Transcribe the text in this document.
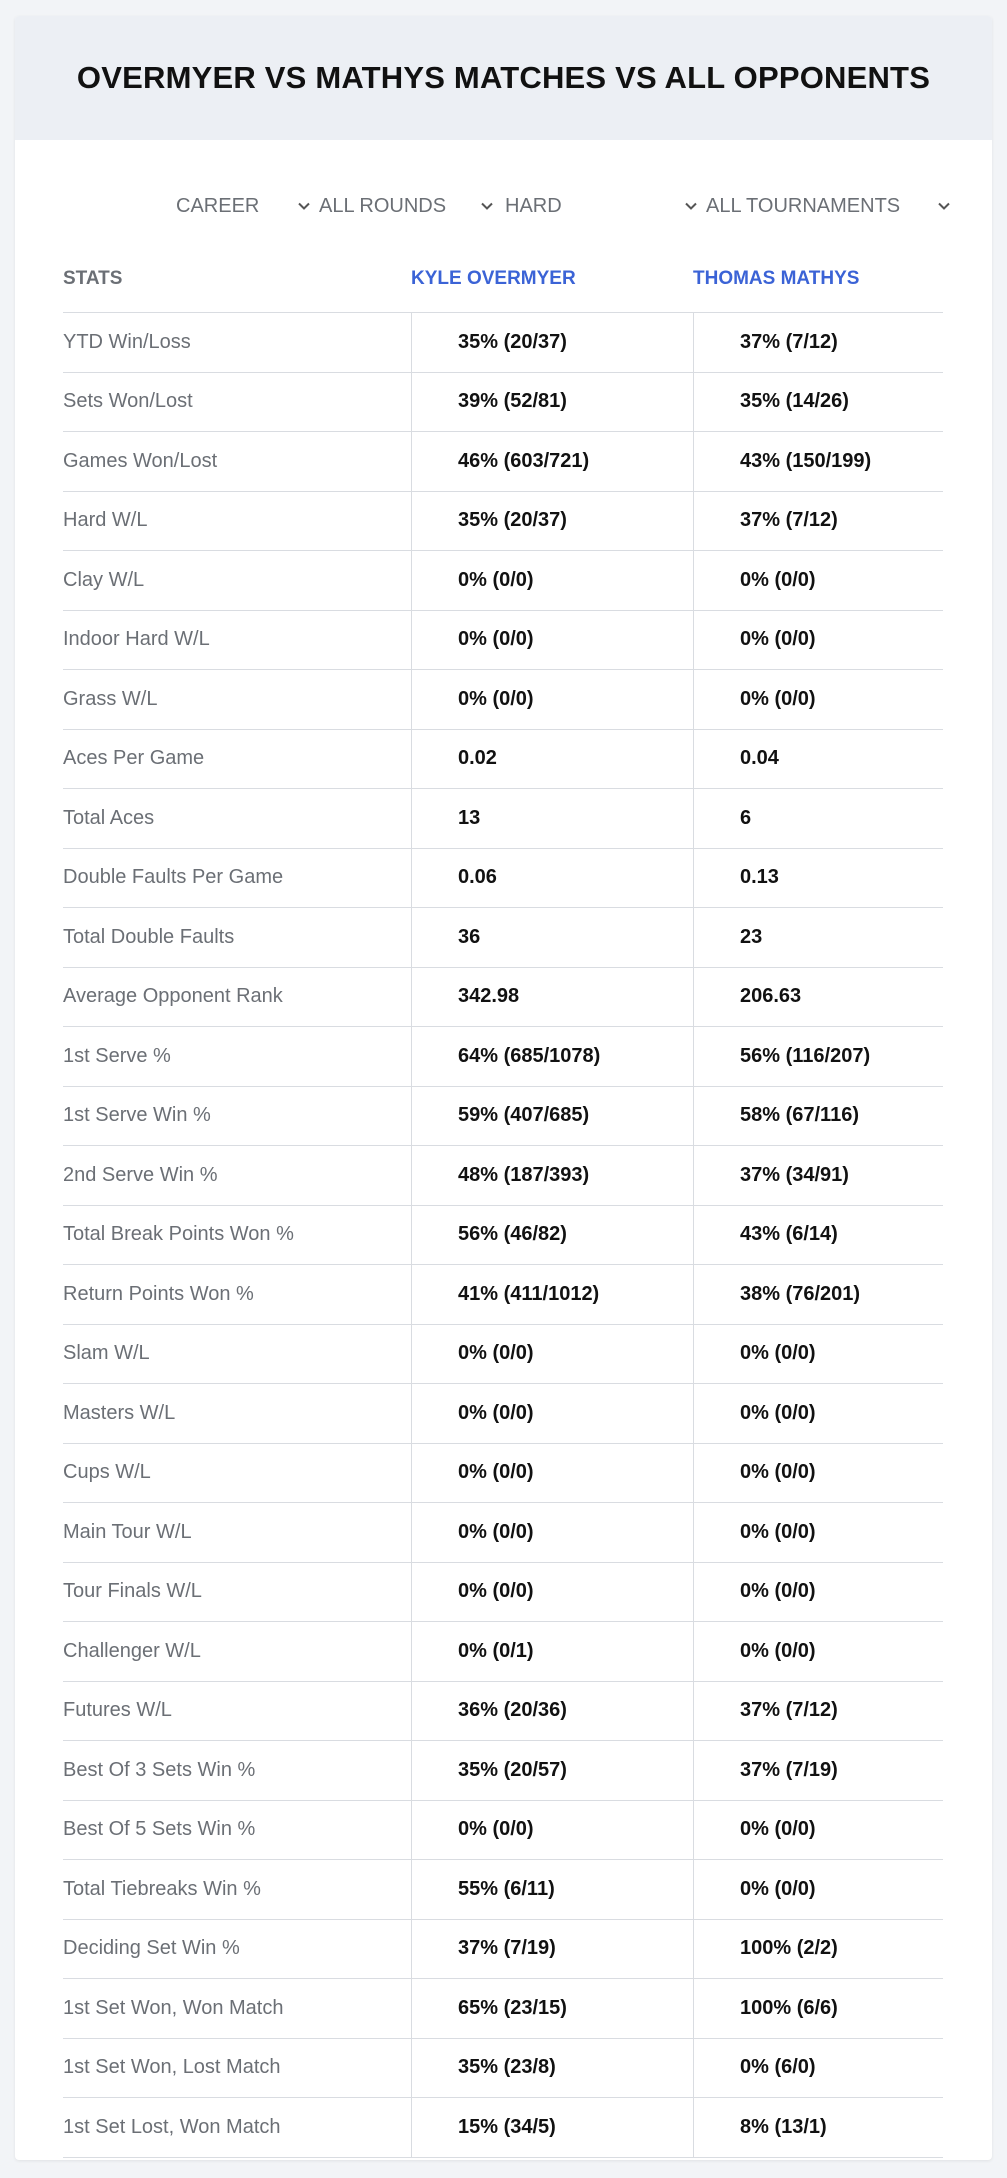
OVERMYER VS MATHYS MATCHES VS ALL OPPONENTS
CAREER	ALL ROUNDS	HARD	ALL TOURNAMENTS
STATS	KYLE OVERMYER	THOMAS MATHYS
YTD Win/Loss	35% (20/37)	37% (7/12)
Sets Won/Lost	39% (52/81)	35% (14/26)
Games Won/Lost	46% (603/721)	43% (150/199)
Hard W/L	35% (20/37)	37% (7/12)
Clay W/L	0% (0/0)	0% (0/0)
Indoor Hard W/L	0% (0/0)	0% (0/0)
Grass W/L	0% (0/0)	0% (0/0)
Aces Per Game	0.02	0.04
Total Aces	13	6
Double Faults Per Game	0.06	0.13
Total Double Faults	36	23
Average Opponent Rank	342.98	206.63
1st Serve %	64% (685/1078)	56% (116/207)
1st Serve Win %	59% (407/685)	58% (67/116)
2nd Serve Win %	48% (187/393)	37% (34/91)
Total Break Points Won %	56% (46/82)	43% (6/14)
Return Points Won %	41% (411/1012)	38% (76/201)
Slam W/L	0% (0/0)	0% (0/0)
Masters W/L	0% (0/0)	0% (0/0)
Cups W/L	0% (0/0)	0% (0/0)
Main Tour W/L	0% (0/0)	0% (0/0)
Tour Finals W/L	0% (0/0)	0% (0/0)
Challenger W/L	0% (0/1)	0% (0/0)
Futures W/L	36% (20/36)	37% (7/12)
Best Of 3 Sets Win %	35% (20/57)	37% (7/19)
Best Of 5 Sets Win %	0% (0/0)	0% (0/0)
Total Tiebreaks Win %	55% (6/11)	0% (0/0)
Deciding Set Win %	37% (7/19)	100% (2/2)
1st Set Won, Won Match	65% (23/15)	100% (6/6)
1st Set Won, Lost Match	35% (23/8)	0% (6/0)
1st Set Lost, Won Match	15% (34/5)	8% (13/1)
